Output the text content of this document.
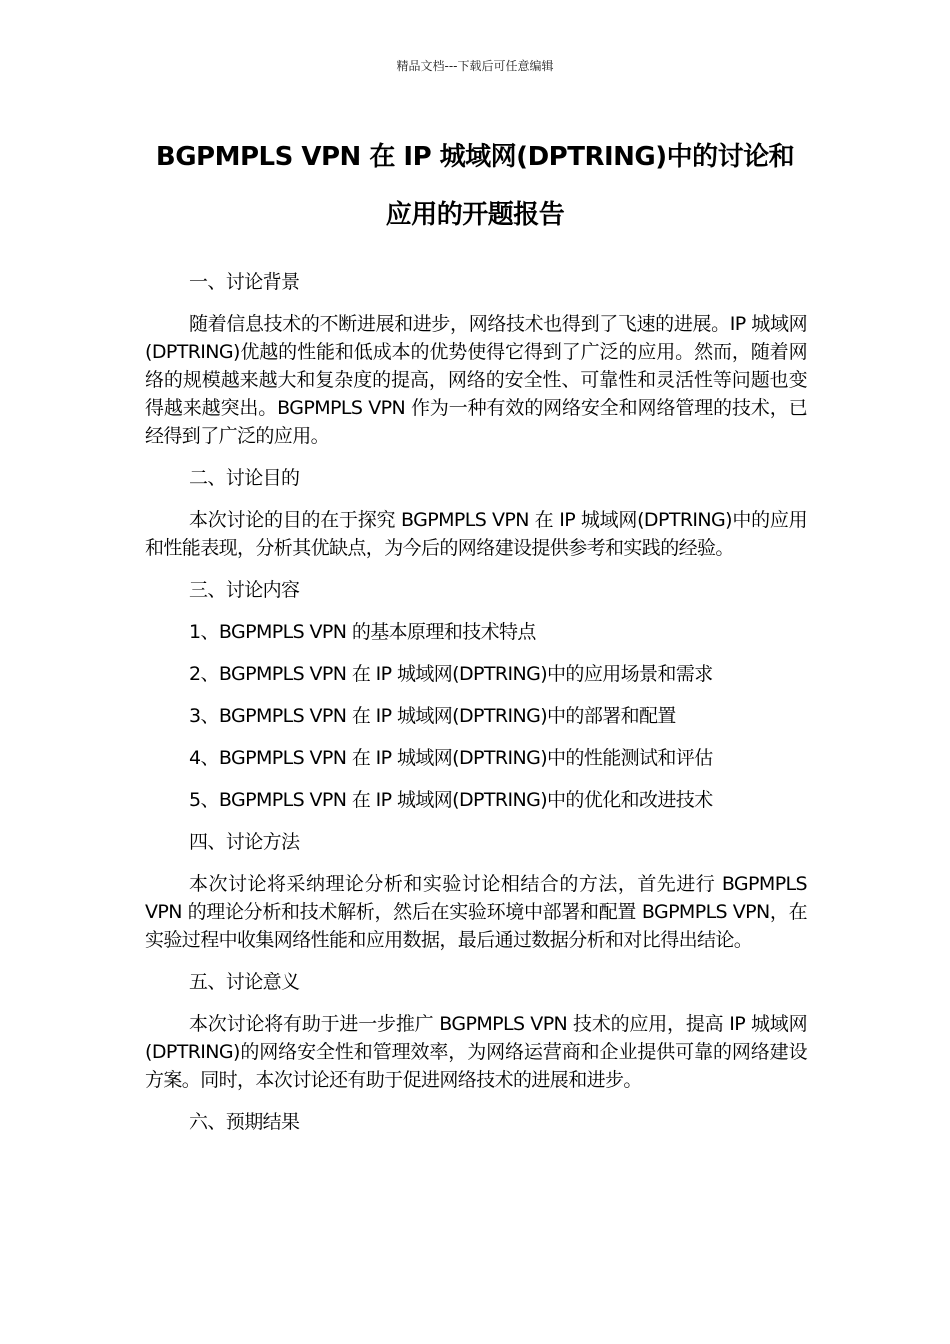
精品文档---下载后可任意编辑
BGPMPLS VPN 在 IP 城域网(DPTRING)中的讨论和
应用的开题报告

一、讨论背景

随着信息技术的不断进展和进步，网络技术也得到了飞速的进展。IP 城域网(DPTRING)优越的性能和低成本的优势使得它得到了广泛的应用。然而，随着网络的规模越来越大和复杂度的提高，网络的安全性、可靠性和灵活性等问题也变得越来越突出。BGPMPLS VPN 作为一种有效的网络安全和网络管理的技术，已经得到了广泛的应用。

二、讨论目的

本次讨论的目的在于探究 BGPMPLS VPN 在 IP 城域网(DPTRING)中的应用和性能表现，分析其优缺点，为今后的网络建设提供参考和实践的经验。

三、讨论内容

1、BGPMPLS VPN 的基本原理和技术特点

2、BGPMPLS VPN 在 IP 城域网(DPTRING)中的应用场景和需求

3、BGPMPLS VPN 在 IP 城域网(DPTRING)中的部署和配置

4、BGPMPLS VPN 在 IP 城域网(DPTRING)中的性能测试和评估

5、BGPMPLS VPN 在 IP 城域网(DPTRING)中的优化和改进技术

四、讨论方法

本次讨论将采纳理论分析和实验讨论相结合的方法，首先进行 BGPMPLS VPN 的理论分析和技术解析，然后在实验环境中部署和配置 BGPMPLS VPN，在实验过程中收集网络性能和应用数据，最后通过数据分析和对比得出结论。

五、讨论意义

本次讨论将有助于进一步推广 BGPMPLS VPN 技术的应用，提高 IP 城域网(DPTRING)的网络安全性和管理效率，为网络运营商和企业提供可靠的网络建设方案。同时，本次讨论还有助于促进网络技术的进展和进步。

六、预期结果
